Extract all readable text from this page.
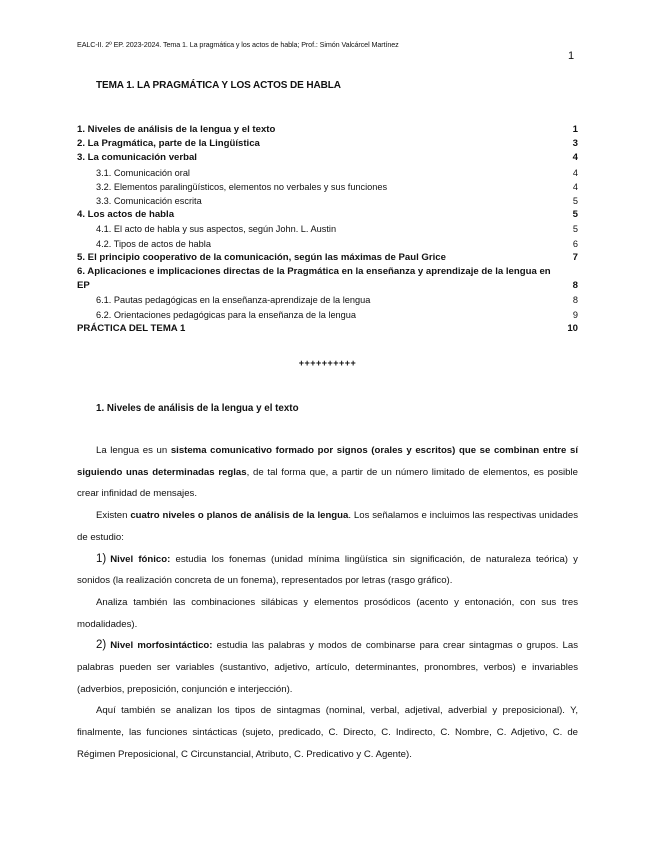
EALC-II. 2º EP. 2023-2024. Tema 1. La pragmática y los actos de habla; Prof.: Simón Valcárcel Martínez
1
TEMA 1. LA PRAGMÁTICA Y LOS ACTOS DE HABLA
1. Niveles de análisis de la lengua y el texto	1
2. La Pragmática, parte de la Lingüística	3
3. La comunicación verbal	4
3.1. Comunicación oral	4
3.2. Elementos paralingüísticos, elementos no verbales y sus funciones	4
3.3. Comunicación escrita	5
4. Los actos de habla	5
4.1. El acto de habla y sus aspectos, según John. L. Austin	5
4.2. Tipos de actos de habla	6
5. El principio cooperativo de la comunicación, según las máximas de Paul Grice	7
6. Aplicaciones e implicaciones directas de la Pragmática en la enseñanza y aprendizaje de la lengua en
EP	8
6.1. Pautas pedagógicas en la enseñanza-aprendizaje de la lengua	8
6.2. Orientaciones pedagógicas para la enseñanza de la lengua	9
PRÁCTICA DEL TEMA 1	10
++++++++++
1. Niveles de análisis de la lengua y el texto

La lengua es un sistema comunicativo formado por signos (orales y escritos) que se combinan entre sí siguiendo unas determinadas reglas, de tal forma que, a partir de un número limitado de elementos, es posible crear infinidad de mensajes.

Existen cuatro niveles o planos de análisis de la lengua. Los señalamos e incluimos las respectivas unidades de estudio:

1) Nivel fónico: estudia los fonemas (unidad mínima lingüística sin significación, de naturaleza teórica) y sonidos (la realización concreta de un fonema), representados por letras (rasgo gráfico).

Analiza también las combinaciones silábicas y elementos prosódicos (acento y entonación, con sus tres modalidades).

2) Nivel morfosintáctico: estudia las palabras y modos de combinarse para crear sintagmas o grupos. Las palabras pueden ser variables (sustantivo, adjetivo, artículo, determinantes, pronombres, verbos) e invariables (adverbios, preposición, conjunción e interjección).

Aquí también se analizan los tipos de sintagmas (nominal, verbal, adjetival, adverbial y preposicional). Y, finalmente, las funciones sintácticas (sujeto, predicado, C. Directo, C. Indirecto, C. Nombre, C. Adjetivo, C. de Régimen Preposicional, C Circunstancial, Atributo, C. Predicativo y C. Agente).
